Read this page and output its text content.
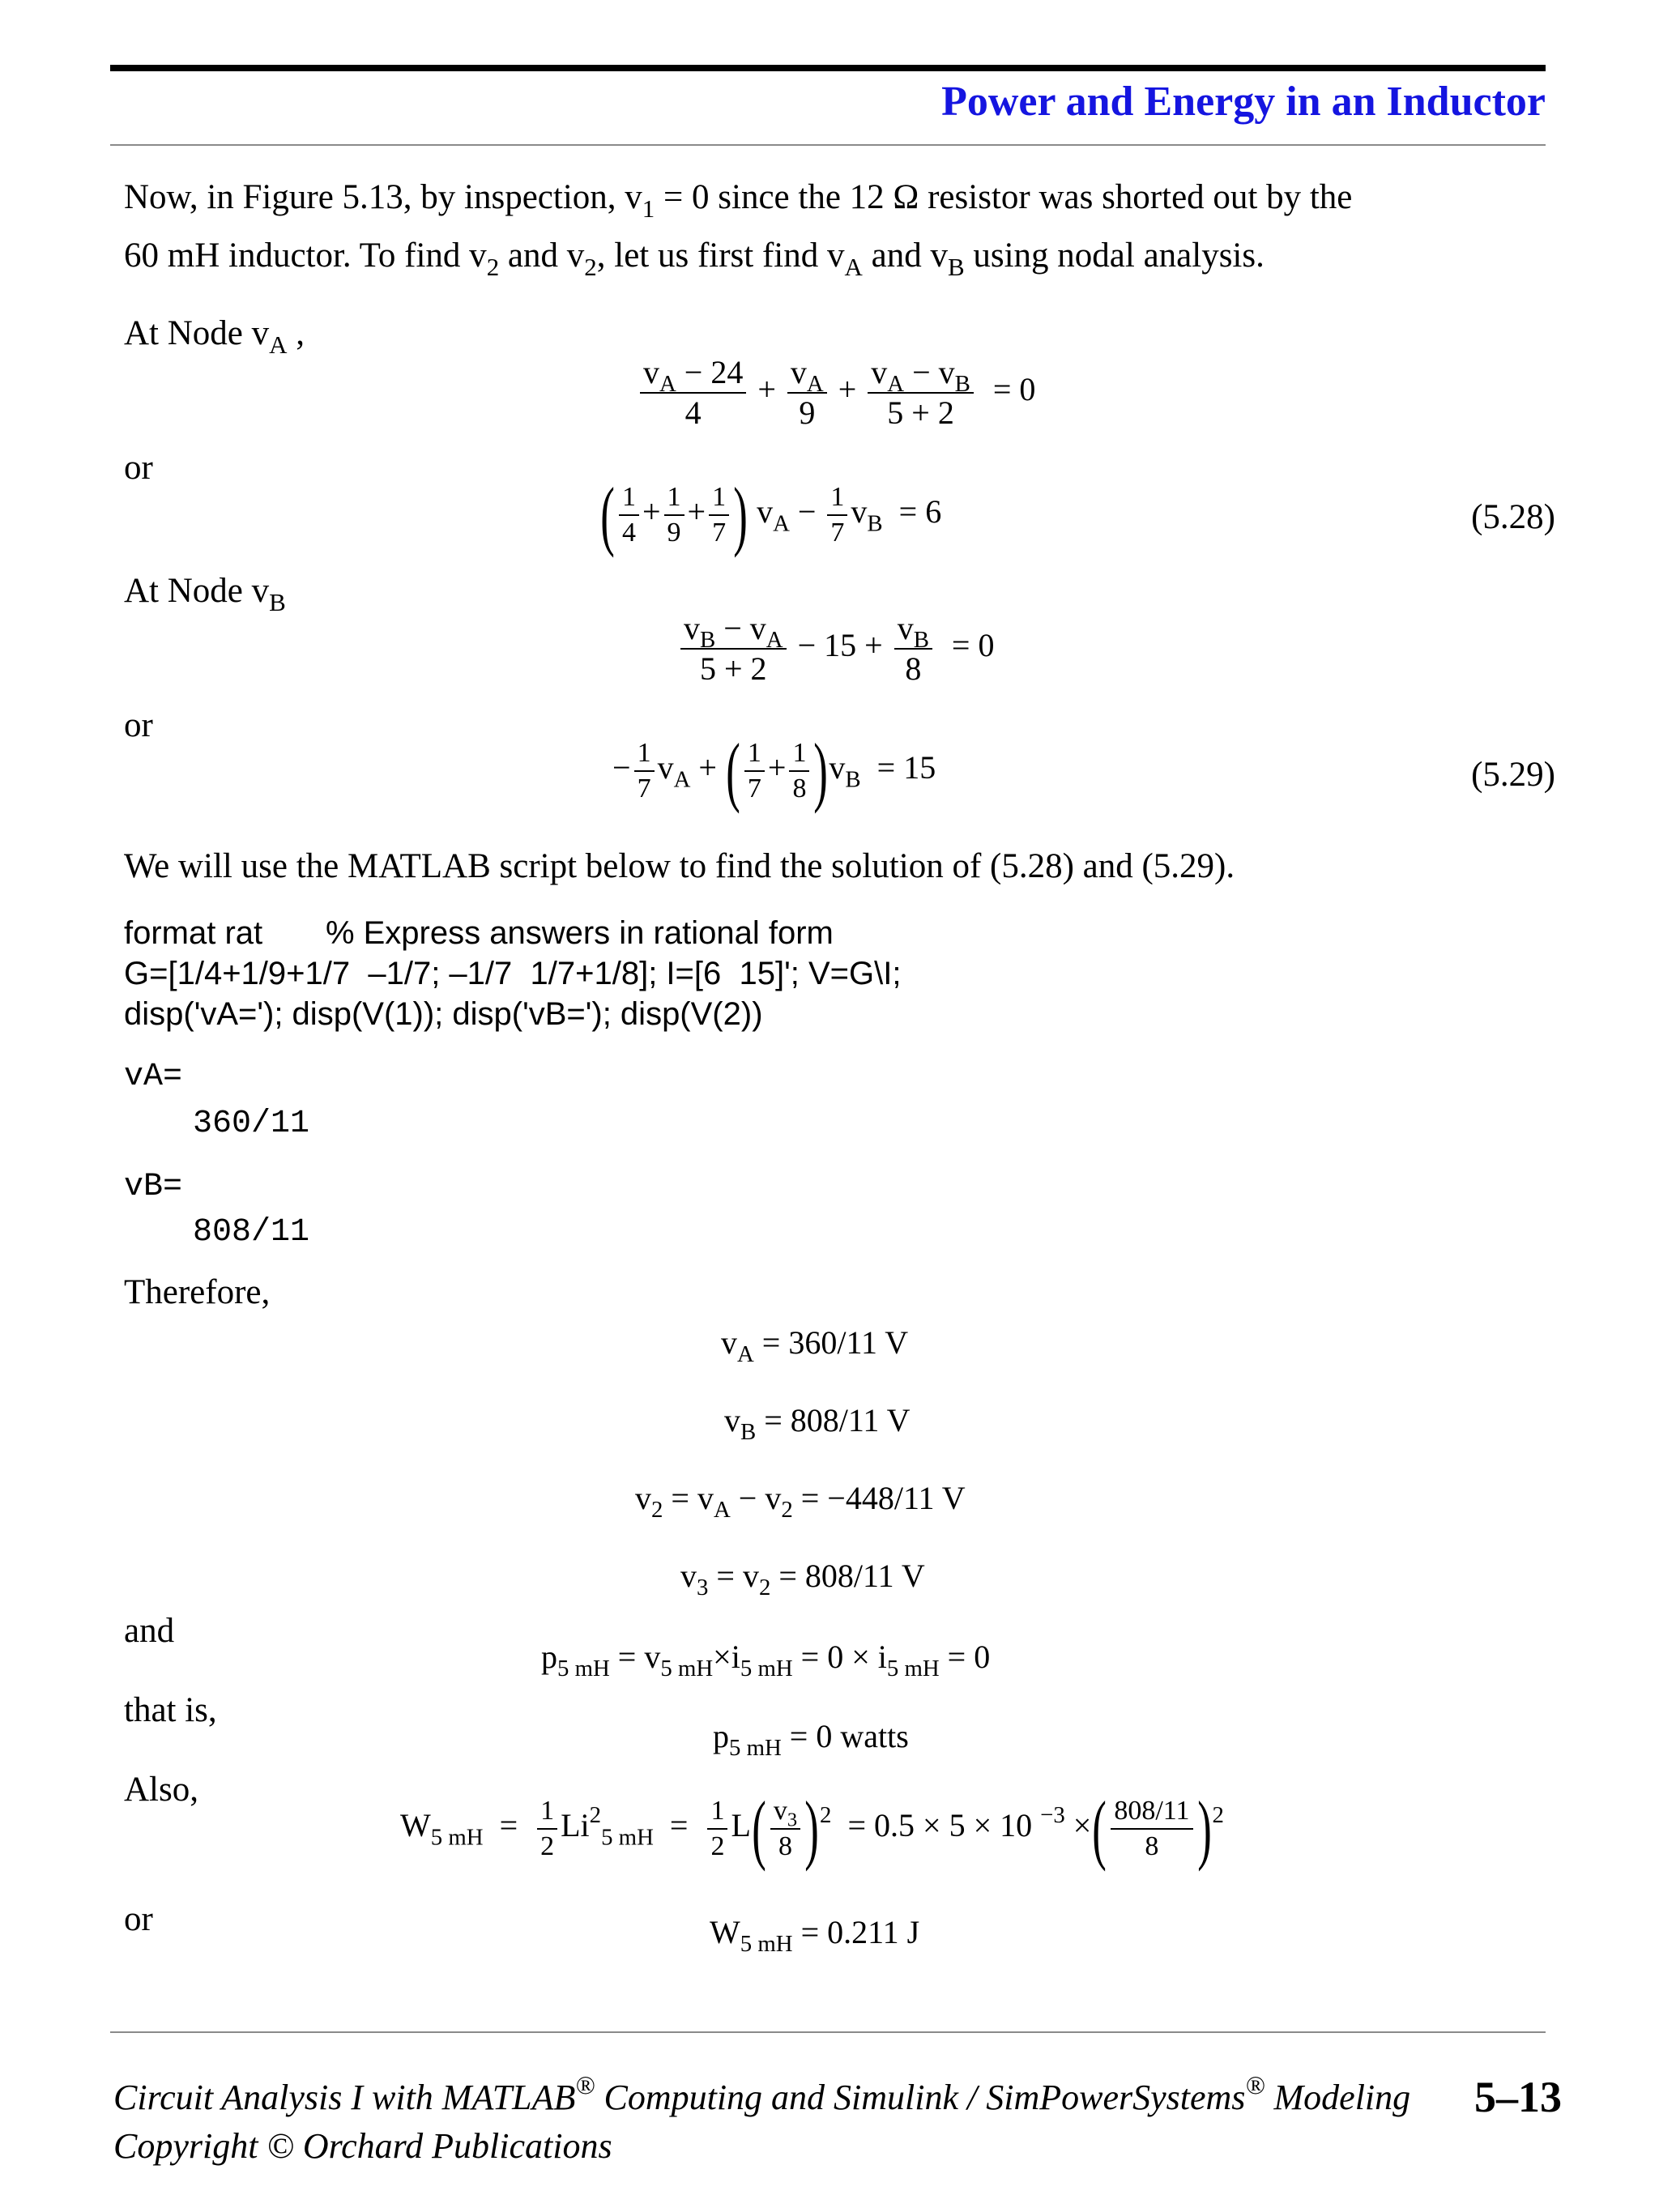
Power and Energy in an Inductor
Now, in Figure 5.13, by inspection, $v_1 = 0$ since the 12 Ω resistor was shorted out by the
60 mH inductor. To find $v_2$ and $v_2$, let us first find $v_A$ and $v_B$ using nodal analysis.
At Node $v_A$ ,
$\frac{v_A - 24}{4} + \frac{v_A}{9} + \frac{v_A - v_B}{5 + 2} = 0$
or
( $\frac{1}{4} + \frac{1}{9} + \frac{1}{7}$ ) $v_A - \frac{1}{7} v_B = 6$	(5.28)
At Node $v_B$
$\frac{v_B - v_A}{5 + 2} - 15 + \frac{v_B}{8} = 0$
or
− $\frac{1}{7} v_A$ + ( $\frac{1}{7} + \frac{1}{8} )v_B = 15$	(5.29)
We will use the MATLAB script below to find the solution of (5.28) and (5.29).
format rat       % Express answers in rational form
G=[1/4+1/9+1/7  –1/7; –1/7  1/7+1/8]; I=[6  15]'; V=G\I;
disp('vA='); disp(V(1)); disp('vB='); disp(V(2))
vA=
360/11
vB=
808/11
Therefore,
$v_A = 360/11$ V
$v_B = 808/11$ V
$v_2 = v_A - v_2 = -448/11$ V
$v_3 = v_2 = 808/11$ V
and
$p_{5 mH} = v_{5 mH}\times i_{5 mH} = 0 \times i_{5 mH} = 0$
that is,
$p_{5 mH} = 0$ watts
Also,
$W_{5 mH} = \frac{1}{2} Li^2_{5 mH} = \frac{1}{2} L( \frac{v_3}{8} )^2 = 0.5 \times 5 \times 10$ $^{-3}$ ×( $\frac{808/11}{8} )^2$
or	$W_{5 mH} = 0.211$ J
Circuit Analysis I with MATLAB® Computing and Simulink / SimPowerSystems® Modeling
Copyright © Orchard Publications
5–13
